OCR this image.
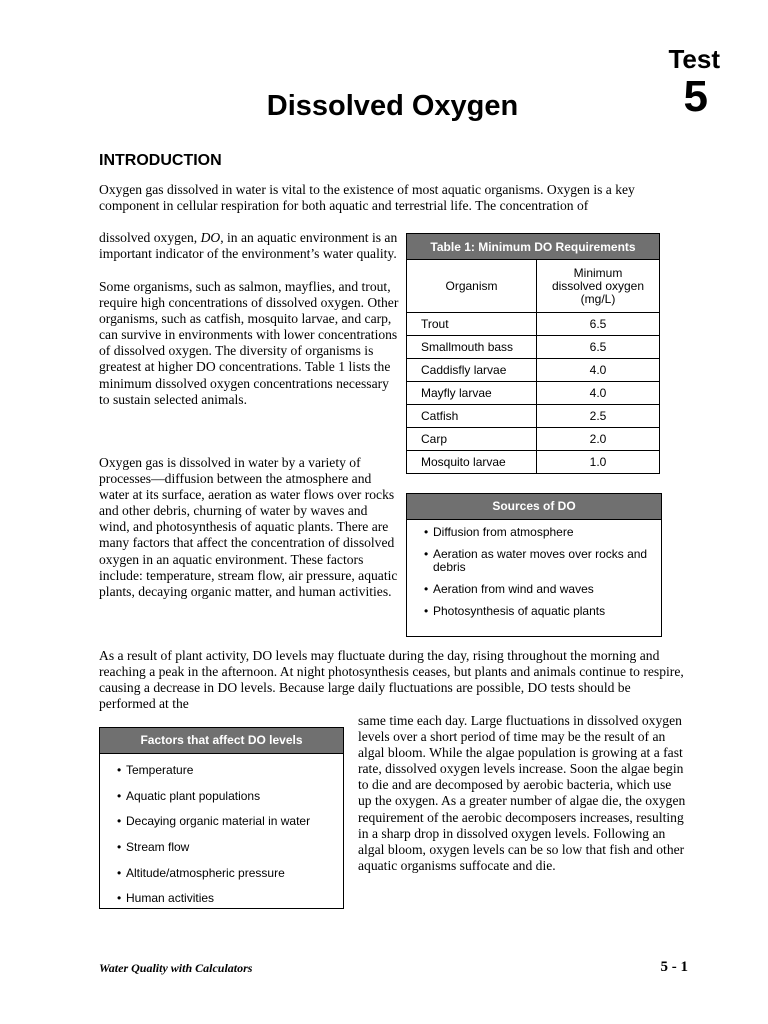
Test
5
Dissolved Oxygen
INTRODUCTION
Oxygen gas dissolved in water is vital to the existence of most aquatic organisms. Oxygen is a key component in cellular respiration for both aquatic and terrestrial life. The concentration of
dissolved oxygen, DO, in an aquatic environment is an important indicator of the environment’s water quality.
Some organisms, such as salmon, mayflies, and trout, require high concentrations of dissolved oxygen. Other organisms, such as catfish, mosquito larvae, and carp, can survive in environments with lower concentrations of dissolved oxygen. The diversity of organisms is greatest at higher DO concentrations. Table 1 lists the minimum dissolved oxygen concentrations necessary to sustain selected animals.
Oxygen gas is dissolved in water by a variety of processes—diffusion between the atmosphere and water at its surface, aeration as water flows over rocks and other debris, churning of water by waves and wind, and photosynthesis of aquatic plants. There are many factors that affect the concentration of dissolved oxygen in an aquatic environment. These factors include: temperature, stream flow, air pressure, aquatic plants, decaying organic matter, and human activities.
As a result of plant activity, DO levels may fluctuate during the day, rising throughout the morning and reaching a peak in the afternoon. At night photosynthesis ceases, but plants and animals continue to respire, causing a decrease in DO levels. Because large daily fluctuations are possible, DO tests should be performed at the
same time each day. Large fluctuations in dissolved oxygen levels over a short period of time may be the result of an algal bloom. While the algae population is growing at a fast rate, dissolved oxygen levels increase. Soon the algae begin to die and are decomposed by aerobic bacteria, which use up the oxygen. As a greater number of algae die, the oxygen requirement of the aerobic decomposers increases, resulting in a sharp drop in dissolved oxygen levels. Following an algal bloom, oxygen levels can be so low that fish and other aquatic organisms suffocate and die.
Table 1: Minimum DO Requirements	
Organism	Minimum dissolved oxygen (mg/L)

Trout	6.5
Smallmouth bass	6.5
Caddisfly larvae	4.0
Mayfly larvae	4.0
Catfish	2.5
Carp	2.0
Mosquito larvae	1.0
Sources of DO
• Diffusion from atmosphere
• Aeration as water moves over rocks and debris
• Aeration from wind and waves
• Photosynthesis of aquatic plants
Factors that affect DO levels
• Temperature
• Aquatic plant populations
• Decaying organic material in water
• Stream flow
• Altitude/atmospheric pressure
• Human activities
Water Quality with Calculators	5 - 1
